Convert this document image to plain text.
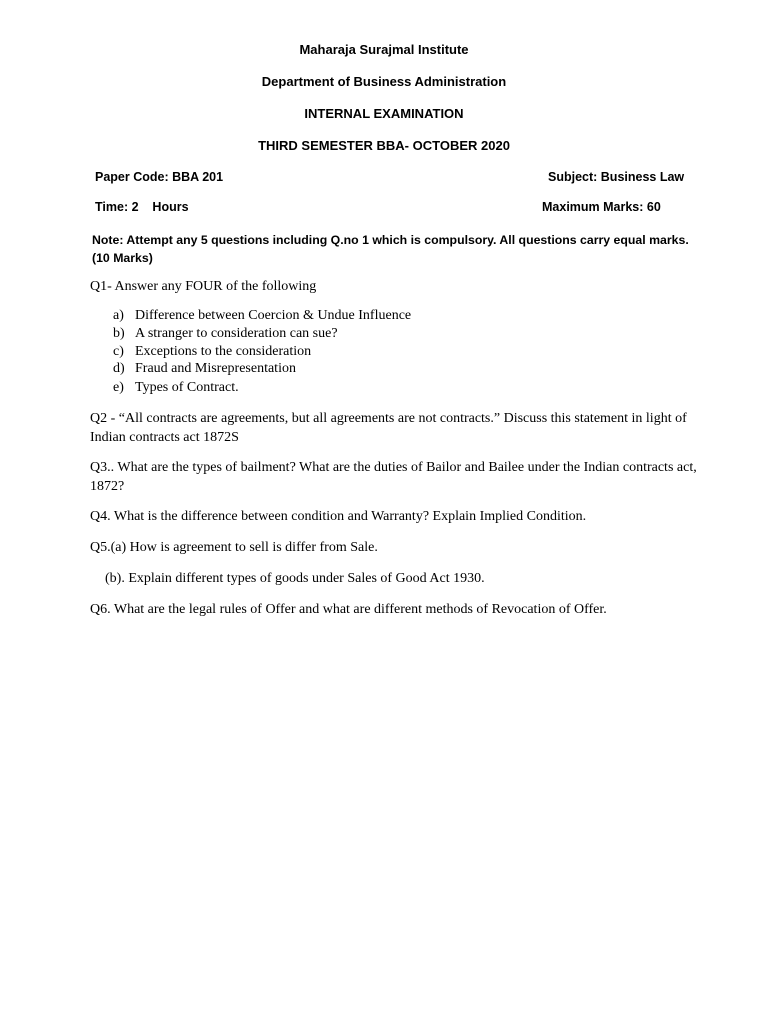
Maharaja Surajmal Institute
Department of Business Administration
INTERNAL EXAMINATION
THIRD SEMESTER BBA- OCTOBER 2020
Paper Code: BBA 201	Subject: Business Law
Time: 2    Hours	Maximum Marks: 60
Note: Attempt any 5 questions including Q.no 1 which is compulsory. All questions carry equal marks. (10 Marks)
Q1- Answer any FOUR of the following
a) Difference between Coercion & Undue Influence
b) A stranger to consideration can sue?
c) Exceptions to the consideration
d) Fraud and Misrepresentation
e) Types of Contract.
Q2 - “All contracts are agreements, but all agreements are not contracts.” Discuss this statement in light of Indian contracts act 1872S
Q3.. What are the types of bailment? What are the duties of Bailor and Bailee under the Indian contracts act, 1872?
Q4. What is the difference between condition and Warranty? Explain Implied Condition.
Q5.(a) How is agreement to sell is differ from Sale.
(b). Explain different types of goods under Sales of Good Act 1930.
Q6. What are the legal rules of Offer and what are different methods of Revocation of Offer.
